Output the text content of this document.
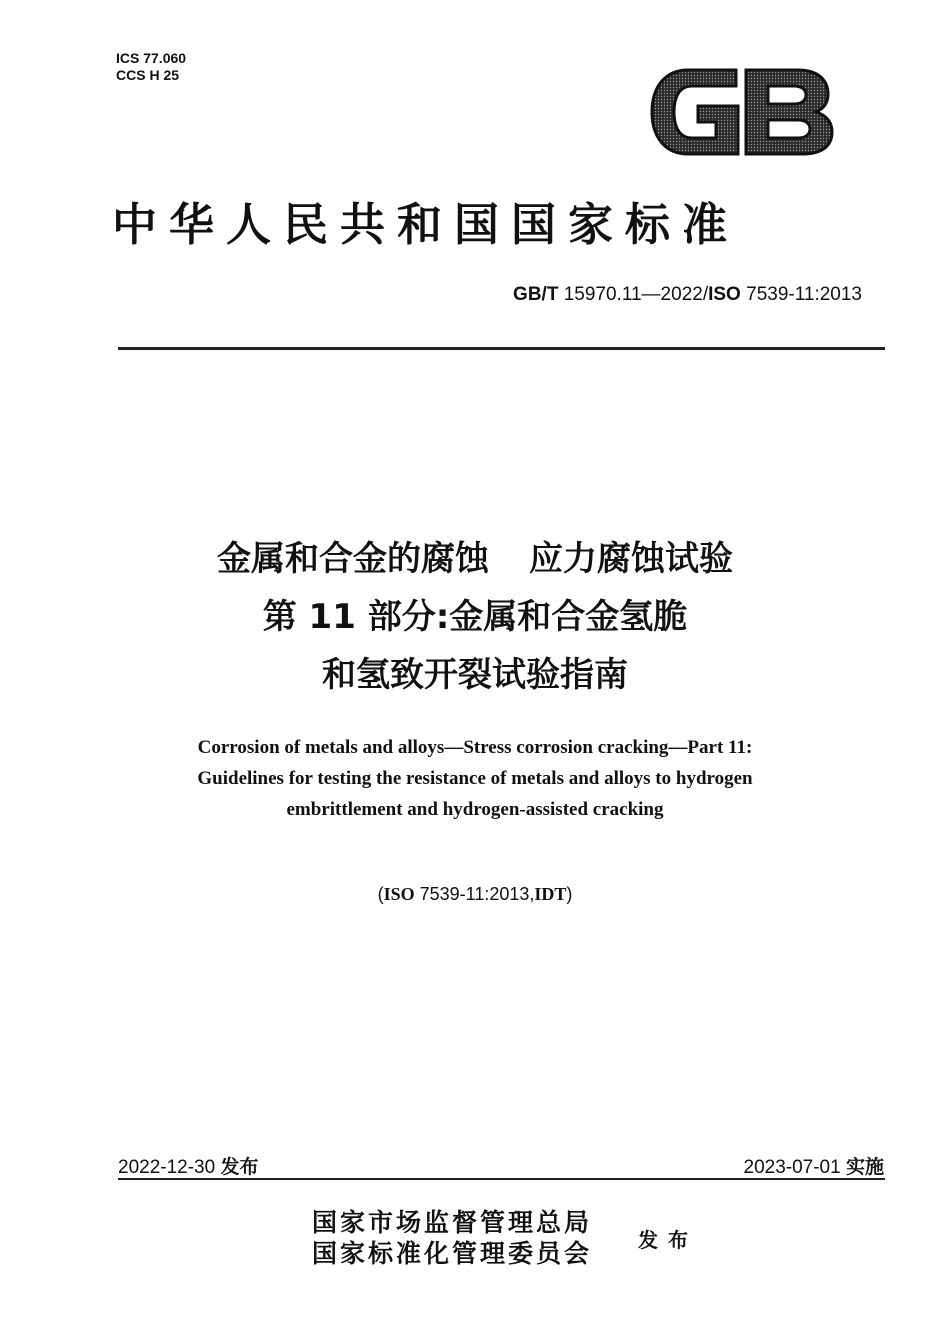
ICS 77.060
CCS H 25
中华人民共和国国家标准
GB/T 15970.11—2022/ISO 7539-11:2013
金属和合金的腐蚀 应力腐蚀试验
第 11 部分:金属和合金氢脆
和氢致开裂试验指南
Corrosion of metals and alloys—Stress corrosion cracking—Part 11:
Guidelines for testing the resistance of metals and alloys to hydrogen
embrittlement and hydrogen-assisted cracking
(ISO 7539-11:2013,IDT)
2022-12-30 发布	2023-07-01 实施
国家市场监督管理总局
国家标准化管理委员会 发布
